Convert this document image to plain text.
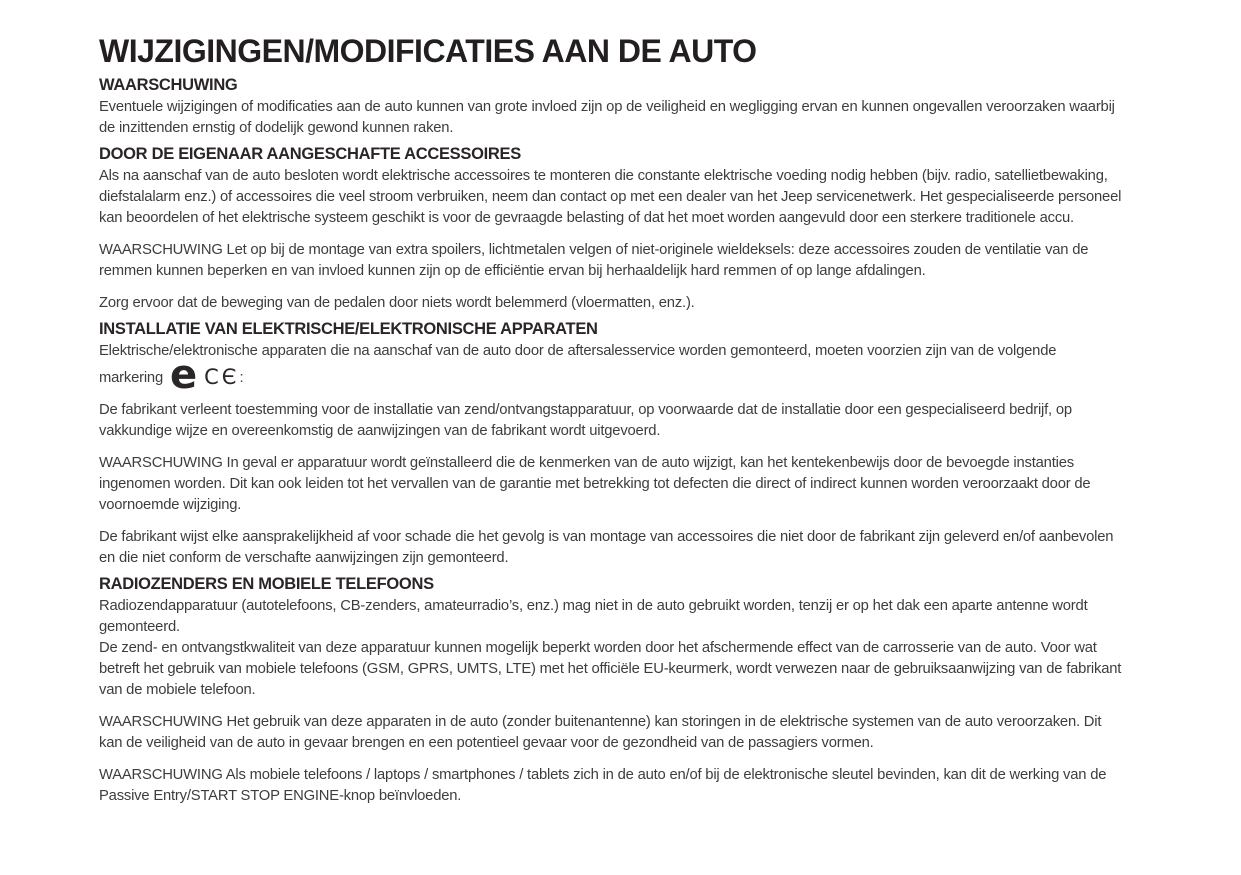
WIJZIGINGEN/MODIFICATIES AAN DE AUTO
WAARSCHUWING

Eventuele wijzigingen of modificaties aan de auto kunnen van grote invloed zijn op de veiligheid en wegligging ervan en kunnen ongevallen veroorzaken waarbij de inzittenden ernstig of dodelijk gewond kunnen raken.

DOOR DE EIGENAAR AANGESCHAFTE ACCESSOIRES

Als na aanschaf van de auto besloten wordt elektrische accessoires te monteren die constante elektrische voeding nodig hebben (bijv. radio, satellietbewaking, diefstalalarm enz.) of accessoires die veel stroom verbruiken, neem dan contact op met een dealer van het Jeep servicenetwerk. Het gespecialiseerde personeel kan beoordelen of het elektrische systeem geschikt is voor de gevraagde belasting of dat het moet worden aangevuld door een sterkere traditionele accu.

WAARSCHUWING Let op bij de montage van extra spoilers, lichtmetalen velgen of niet-originele wieldeksels: deze accessoires zouden de ventilatie van de remmen kunnen beperken en van invloed kunnen zijn op de efficiëntie ervan bij herhaaldelijk hard remmen of op lange afdalingen.

Zorg ervoor dat de beweging van de pedalen door niets wordt belemmerd (vloermatten, enz.).

INSTALLATIE VAN ELEKTRISCHE/ELEKTRONISCHE APPARATEN

Elektrische/elektronische apparaten die na aanschaf van de auto door de aftersalesservice worden gemonteerd, moeten voorzien zijn van de volgende markering e CЄ:

De fabrikant verleent toestemming voor de installatie van zend/ontvangstapparatuur, op voorwaarde dat de installatie door een gespecialiseerd bedrijf, op vakkundige wijze en overeenkomstig de aanwijzingen van de fabrikant wordt uitgevoerd.

WAARSCHUWING In geval er apparatuur wordt geïnstalleerd die de kenmerken van de auto wijzigt, kan het kentekenbewijs door de bevoegde instanties ingenomen worden. Dit kan ook leiden tot het vervallen van de garantie met betrekking tot defecten die direct of indirect kunnen worden veroorzaakt door de voornoemde wijziging.

De fabrikant wijst elke aansprakelijkheid af voor schade die het gevolg is van montage van accessoires die niet door de fabrikant zijn geleverd en/of aanbevolen en die niet conform de verschafte aanwijzingen zijn gemonteerd.

RADIOZENDERS EN MOBIELE TELEFOONS

Radiozendapparatuur (autotelefoons, CB-zenders, amateurradio’s, enz.) mag niet in de auto gebruikt worden, tenzij er op het dak een aparte antenne wordt gemonteerd.

De zend- en ontvangstkwaliteit van deze apparatuur kunnen mogelijk beperkt worden door het afschermende effect van de carrosserie van de auto. Voor wat betreft het gebruik van mobiele telefoons (GSM, GPRS, UMTS, LTE) met het officiële EU-keurmerk, wordt verwezen naar de gebruiksaanwijzing van de fabrikant van de mobiele telefoon.

WAARSCHUWING Het gebruik van deze apparaten in de auto (zonder buitenantenne) kan storingen in de elektrische systemen van de auto veroorzaken. Dit kan de veiligheid van de auto in gevaar brengen en een potentieel gevaar voor de gezondheid van de passagiers vormen.

WAARSCHUWING Als mobiele telefoons / laptops / smartphones / tablets zich in de auto en/of bij de elektronische sleutel bevinden, kan dit de werking van de Passive Entry/START STOP ENGINE-knop beïnvloeden.
